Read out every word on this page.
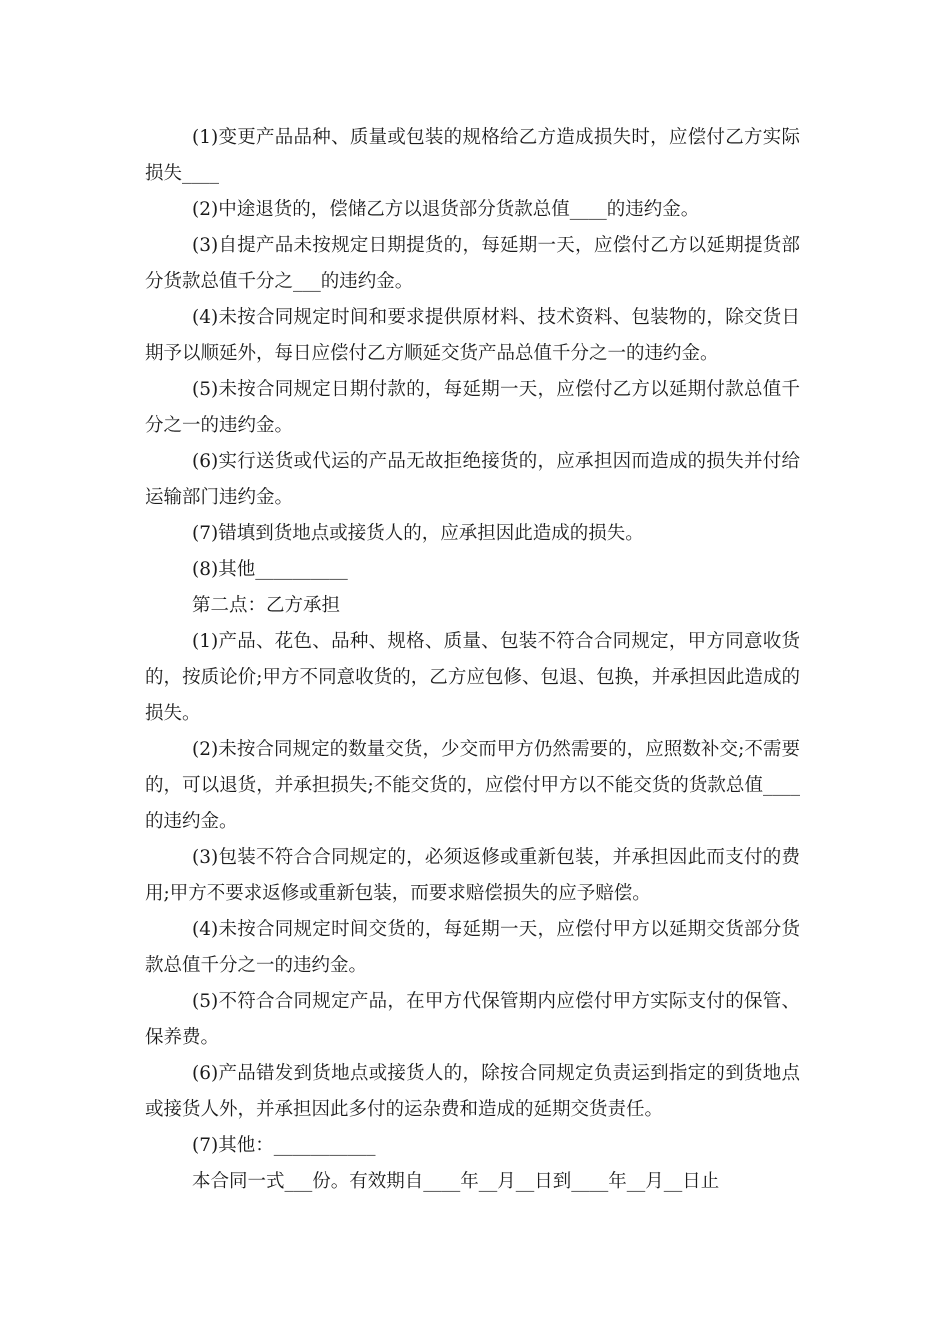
(1)变更产品品种、质量或包装的规格给乙方造成损失时，应偿付乙方实际损失____

(2)中途退货的，偿储乙方以退货部分货款总值____的违约金。

(3)自提产品未按规定日期提货的，每延期一天，应偿付乙方以延期提货部分货款总值千分之___的违约金。

(4)未按合同规定时间和要求提供原材料、技术资料、包装物的，除交货日期予以顺延外，每日应偿付乙方顺延交货产品总值千分之一的违约金。

(5)未按合同规定日期付款的，每延期一天，应偿付乙方以延期付款总值千分之一的违约金。

(6)实行送货或代运的产品无故拒绝接货的，应承担因而造成的损失并付给运输部门违约金。

(7)错填到货地点或接货人的，应承担因此造成的损失。

(8)其他__________

第二点：乙方承担

(1)产品、花色、品种、规格、质量、包装不符合合同规定，甲方同意收货的，按质论价;甲方不同意收货的，乙方应包修、包退、包换，并承担因此造成的损失。

(2)未按合同规定的数量交货，少交而甲方仍然需要的，应照数补交;不需要的，可以退货，并承担损失;不能交货的，应偿付甲方以不能交货的货款总值____的违约金。

(3)包装不符合合同规定的，必须返修或重新包装，并承担因此而支付的费用;甲方不要求返修或重新包装，而要求赔偿损失的应予赔偿。

(4)未按合同规定时间交货的，每延期一天，应偿付甲方以延期交货部分货款总值千分之一的违约金。

(5)不符合合同规定产品，在甲方代保管期内应偿付甲方实际支付的保管、保养费。

(6)产品错发到货地点或接货人的，除按合同规定负责运到指定的到货地点或接货人外，并承担因此多付的运杂费和造成的延期交货责任。

(7)其他：___________

本合同一式___份。有效期自____年__月__日到____年__月__日止
